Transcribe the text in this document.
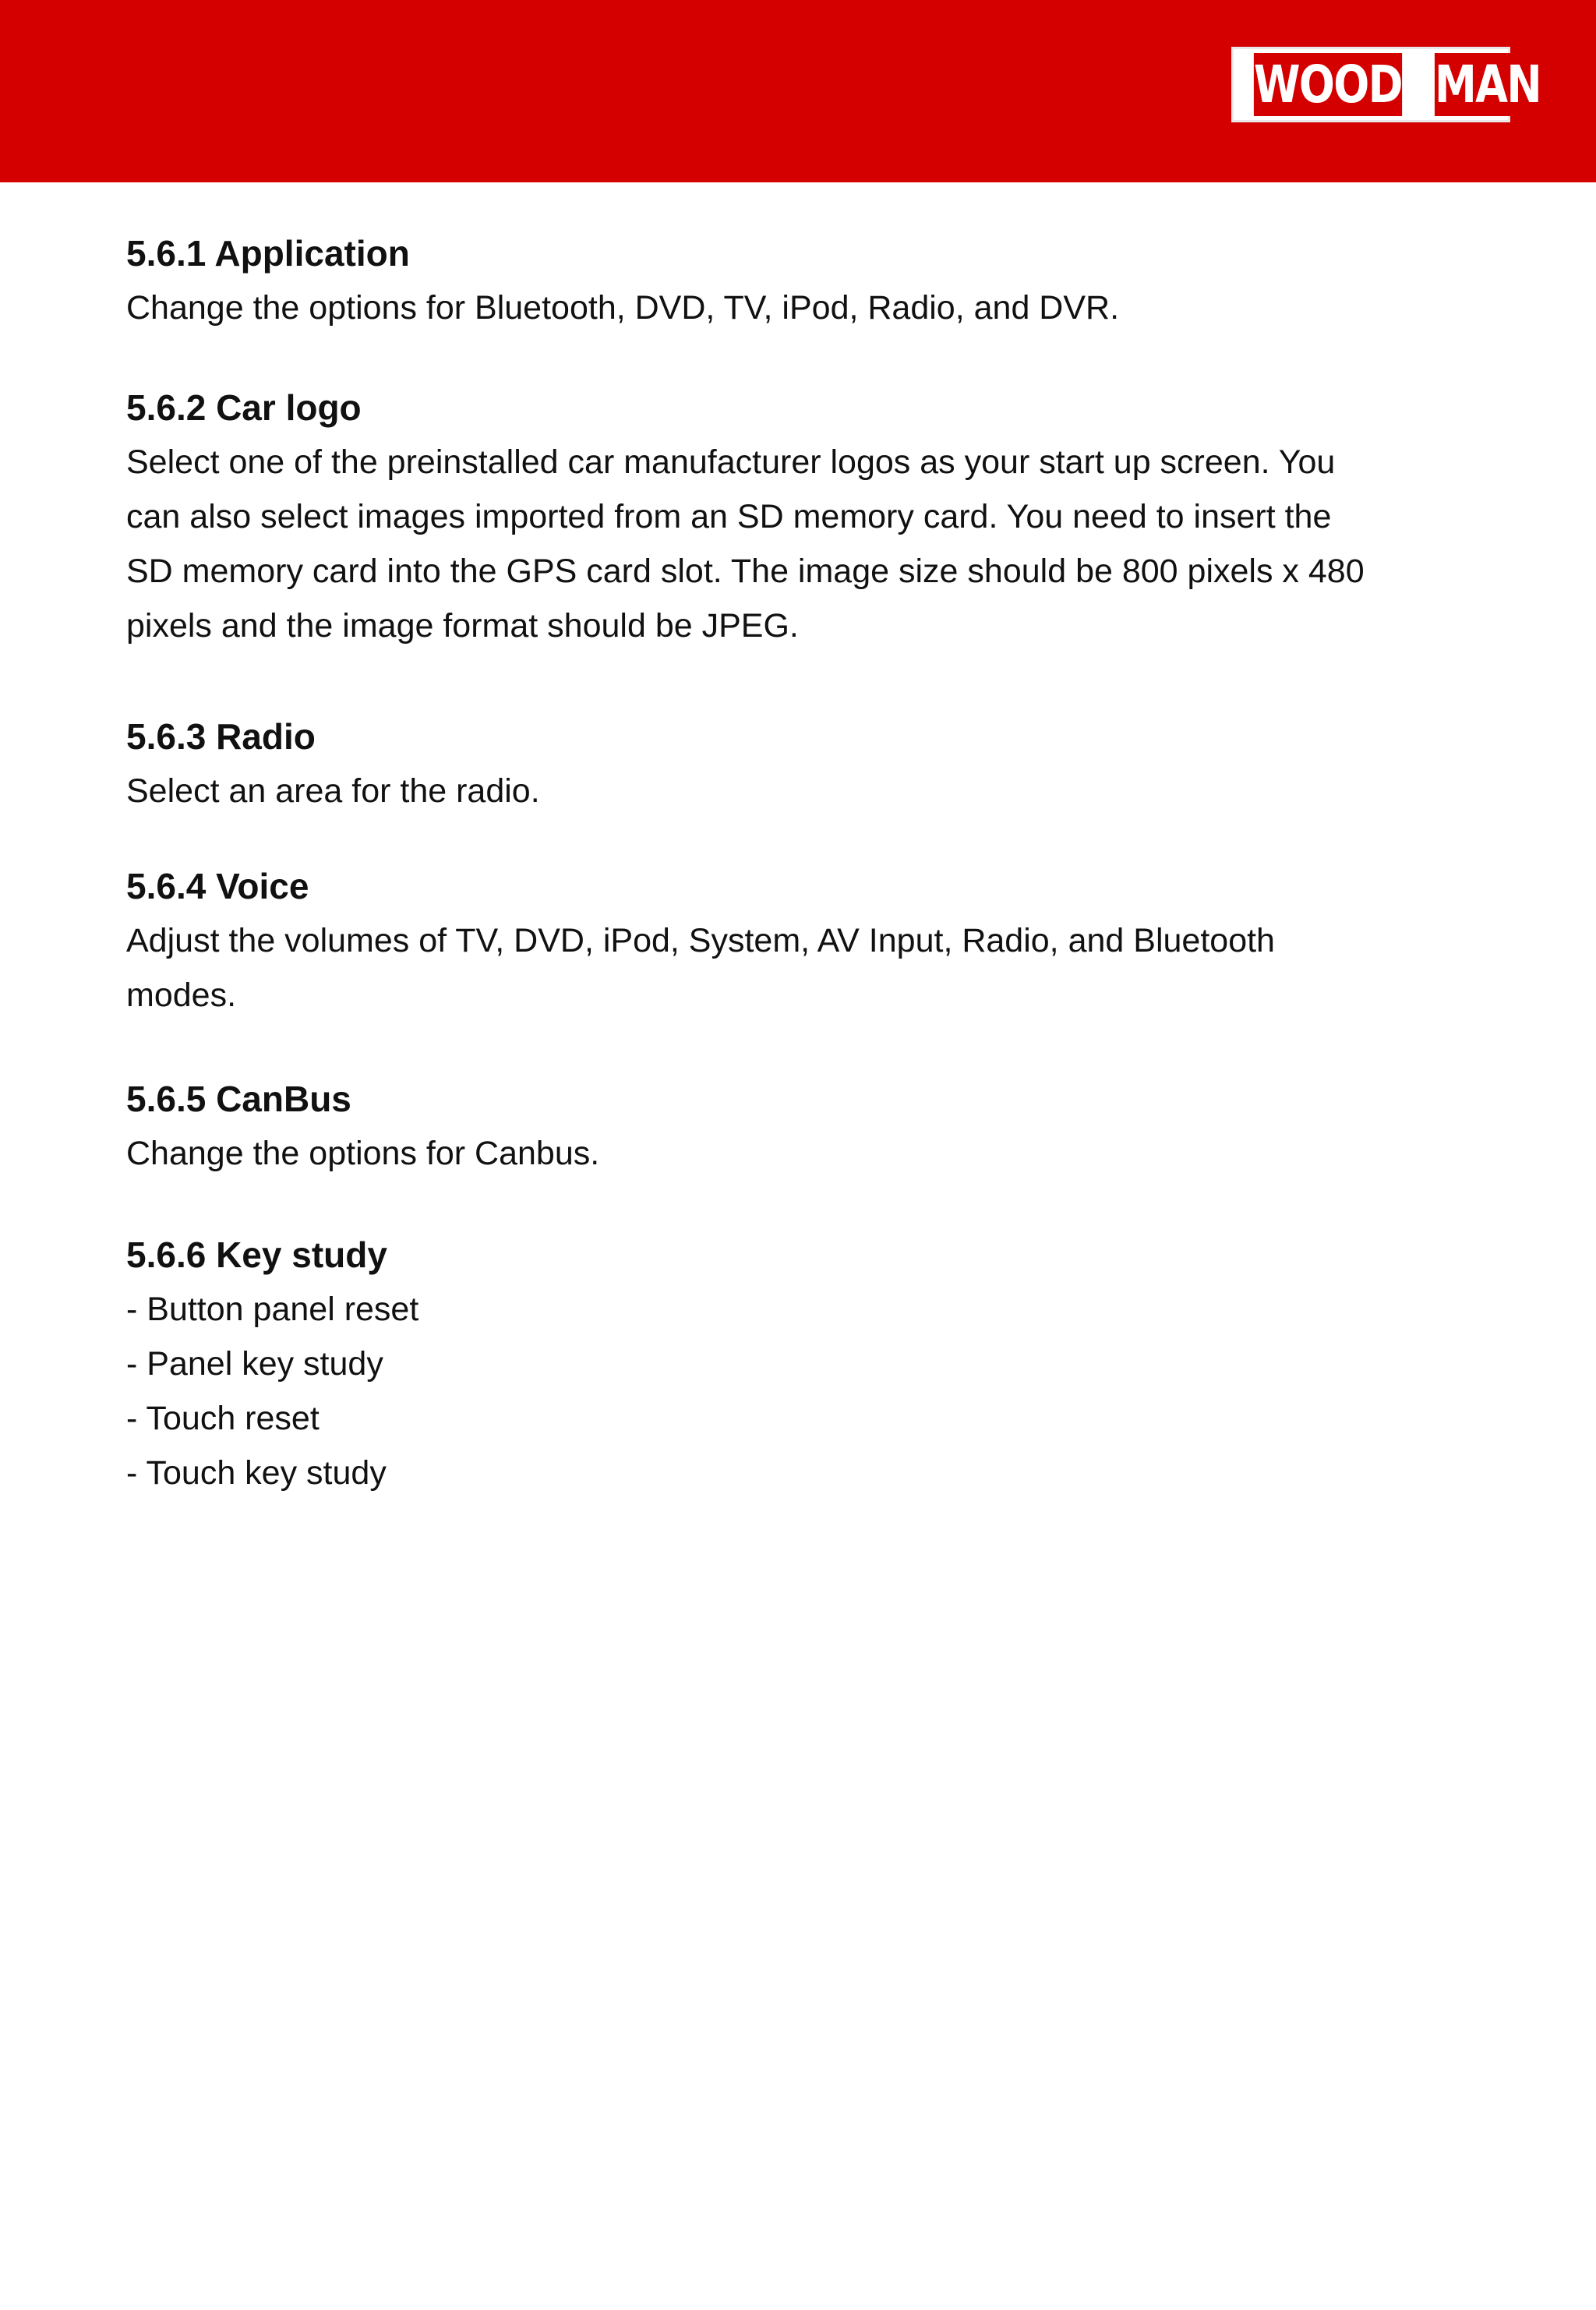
WOOD MAN

5.6.1 Application

Change the options for Bluetooth, DVD, TV, iPod, Radio, and DVR.

5.6.2 Car logo

Select one of the preinstalled car manufacturer logos as your start up screen. You

can also select images imported from an SD memory card. You need to insert the

SD memory card into the GPS card slot. The image size should be 800 pixels x 480

pixels and the image format should be JPEG.

5.6.3 Radio

Select an area for the radio.

5.6.4 Voice

Adjust the volumes of TV, DVD, iPod, System, AV Input, Radio, and Bluetooth

modes.

5.6.5 CanBus

Change the options for Canbus.

5.6.6 Key study

- Button panel reset

- Panel key study

- Touch reset

- Touch key study
